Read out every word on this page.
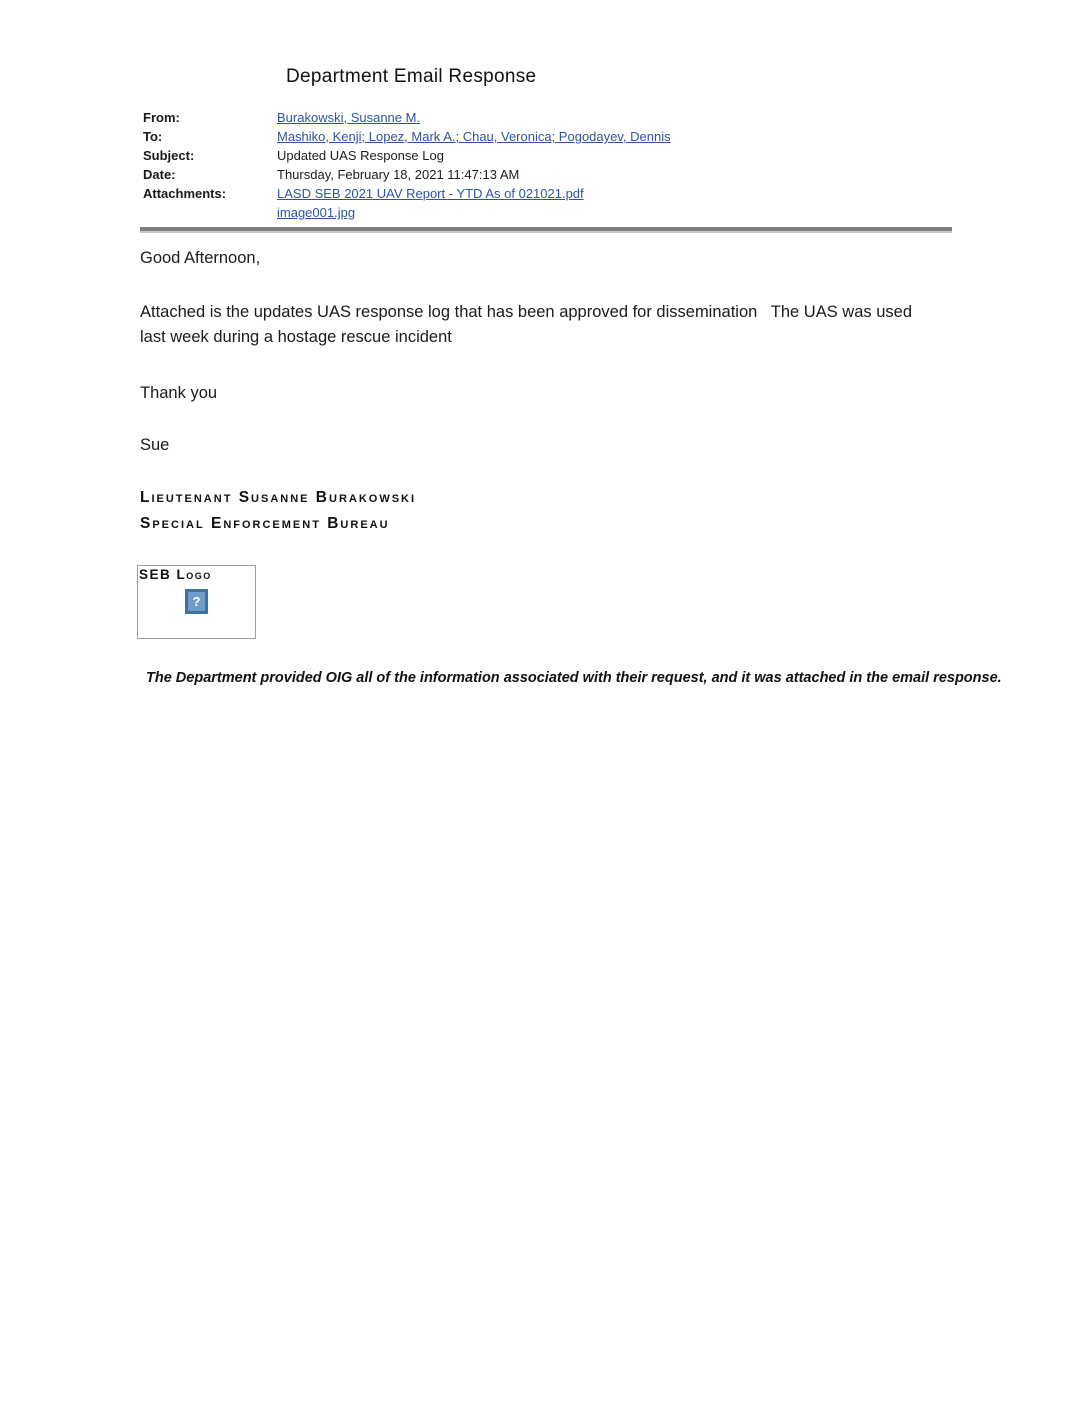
Department Email Response
From:	Burakowski, Susanne M.
To:	Mashiko, Kenji; Lopez, Mark A.; Chau, Veronica; Pogodayev, Dennis
Subject:	Updated UAS Response Log
Date:	Thursday, February 18, 2021 11:47:13 AM
Attachments:	LASD SEB 2021 UAV Report - YTD As of 021021.pdf
image001.jpg
Good Afternoon,
Attached is the updates UAS response log that has been approved for dissemination   The UAS was used last week during a hostage rescue incident
Thank you
Sue
Lieutenant Susanne Burakowski
Special Enforcement Bureau
SEB Logo
?
The Department provided OIG all of the information associated with their request, and it was attached in the email response.
